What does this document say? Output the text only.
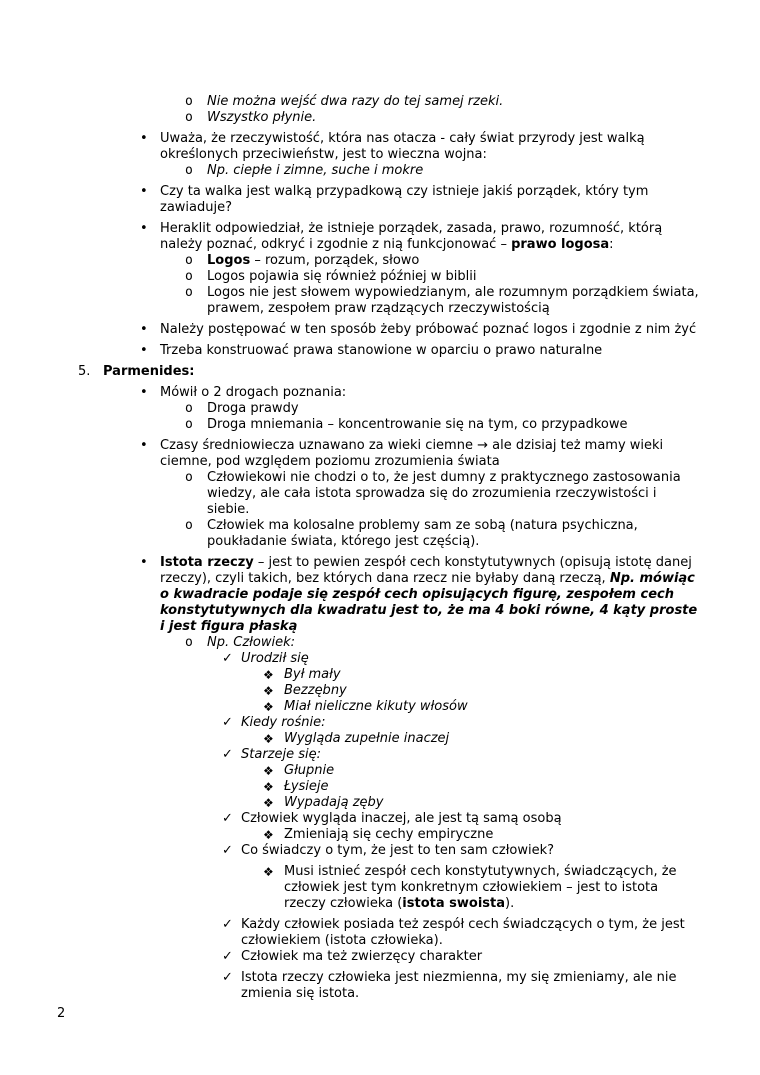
o	Nie można wejść dwa razy do tej samej rzeki.
o	Wszystko płynie.
• Uważa, że rzeczywistość, która nas otacza - cały świat przyrody jest walką określonych przeciwieństw, jest to wieczna wojna:
o	Np. ciepłe i zimne, suche i mokre
• Czy ta walka jest walką przypadkową czy istnieje jakiś porządek, który tym zawiaduje?
• Heraklit odpowiedział, że istnieje porządek, zasada, prawo, rozumność, którą należy poznać, odkryć i zgodnie z nią funkcjonować – prawo logosa:
o	Logos – rozum, porządek, słowo
o	Logos pojawia się również później w biblii
o	Logos nie jest słowem wypowiedzianym, ale rozumnym porządkiem świata, prawem, zespołem praw rządzących rzeczywistością
• Należy postępować w ten sposób żeby próbować poznać logos i zgodnie z nim żyć
• Trzeba konstruować prawa stanowione w oparciu o prawo naturalne
5. Parmenides:
• Mówił o 2 drogach poznania:
o	Droga prawdy
o	Droga mniemania – koncentrowanie się na tym, co przypadkowe
• Czasy średniowiecza uznawano za wieki ciemne → ale dzisiaj też mamy wieki ciemne, pod względem poziomu zrozumienia świata
o	Człowiekowi nie chodzi o to, że jest dumny z praktycznego zastosowania wiedzy, ale cała istota sprowadza się do zrozumienia rzeczywistości i siebie.
o	Człowiek ma kolosalne problemy sam ze sobą (natura psychiczna, poukładanie świata, którego jest częścią).
• Istota rzeczy – jest to pewien zespół cech konstytutywnych (opisują istotę danej rzeczy), czyli takich, bez których dana rzecz nie byłaby daną rzeczą, Np. mówiąc o kwadracie podaje się zespół cech opisujących figurę, zespołem cech konstytutywnych dla kwadratu jest to, że ma 4 boki równe, 4 kąty proste i jest figura płaską
o	Np. Człowiek:
✓ Urodził się
❖ Był mały
❖ Bezzębny
❖ Miał nieliczne kikuty włosów
✓ Kiedy rośnie:
❖ Wygląda zupełnie inaczej
✓ Starzeje się:
❖ Głupnie
❖ Łysieje
❖ Wypadają zęby
✓ Człowiek wygląda inaczej, ale jest tą samą osobą
❖ Zmieniają się cechy empiryczne
✓ Co świadczy o tym, że jest to ten sam człowiek?
❖ Musi istnieć zespół cech konstytutywnych, świadczących, że człowiek jest tym konkretnym człowiekiem – jest to istota rzeczy człowieka (istota swoista).
✓ Każdy człowiek posiada też zespół cech świadczących o tym, że jest człowiekiem (istota człowieka).
✓ Człowiek ma też zwierzęcy charakter
✓ Istota rzeczy człowieka jest niezmienna, my się zmieniamy, ale nie zmienia się istota.
2
